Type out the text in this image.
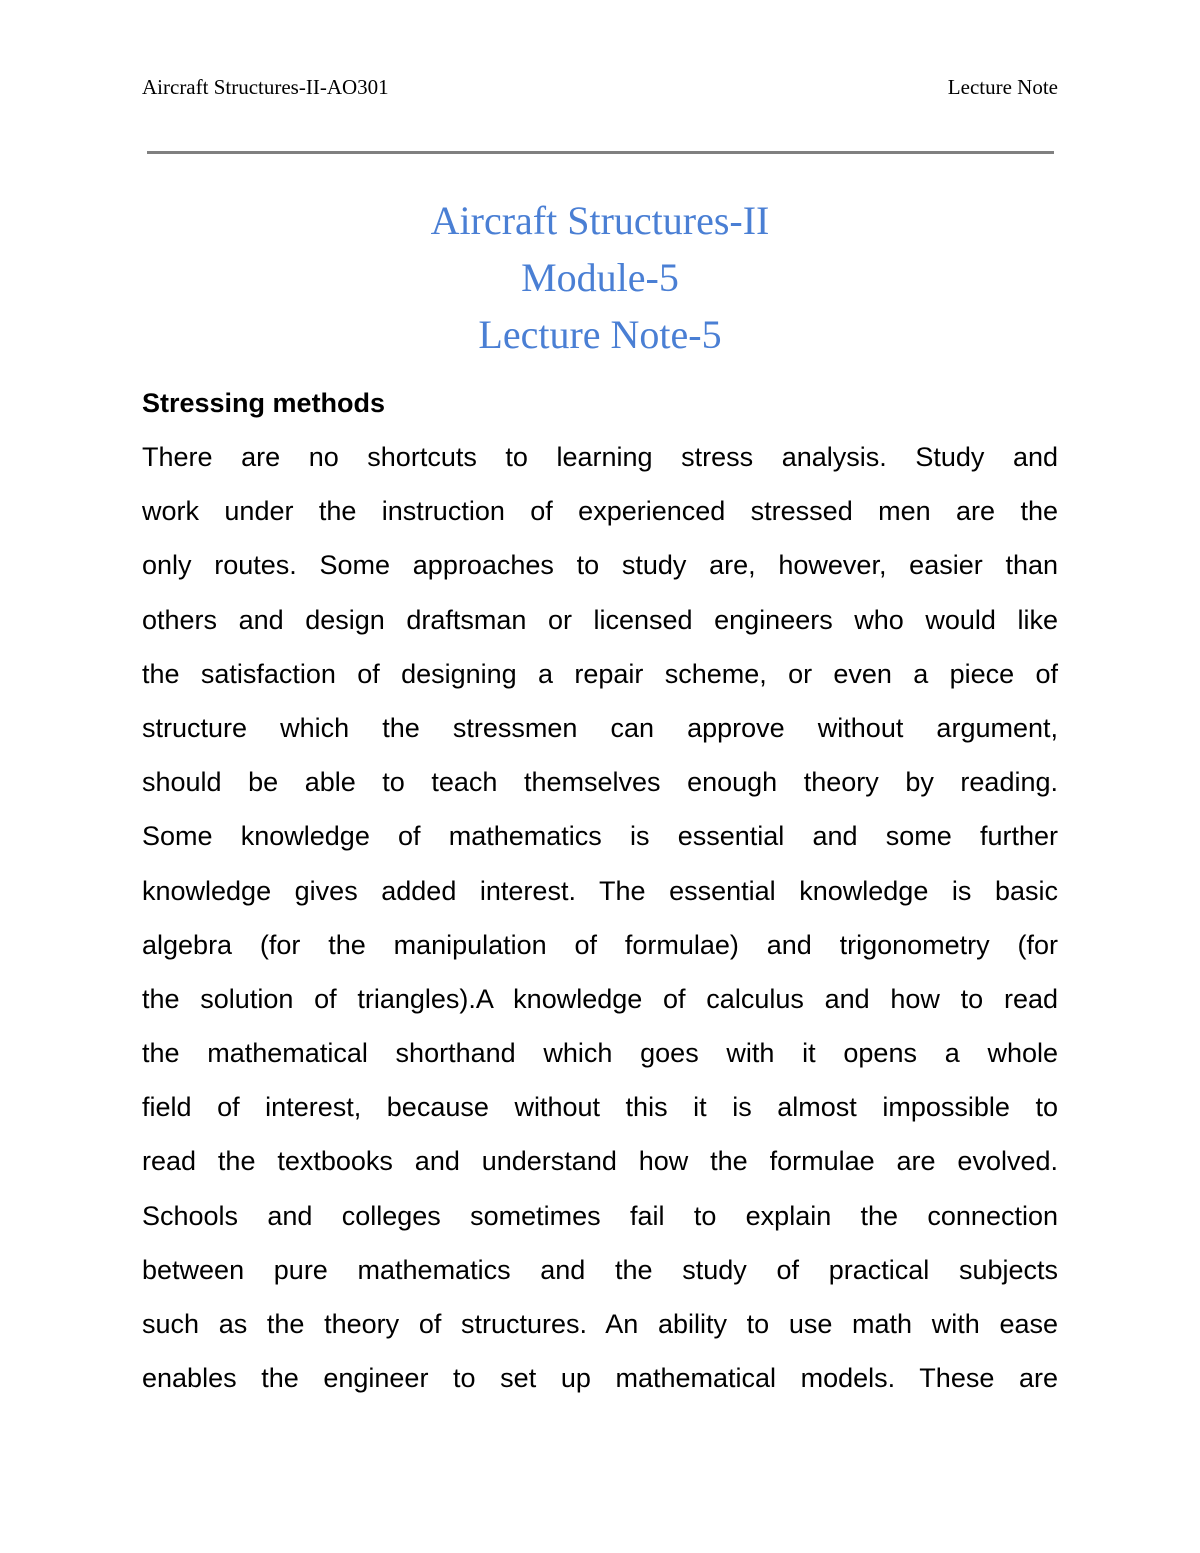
Aircraft Structures-II-AO301	Lecture Note
Aircraft Structures-II
Module-5
Lecture Note-5
Stressing methods
There are no shortcuts to learning stress analysis. Study and
work under the instruction of experienced stressed men are the
only routes. Some approaches to study are, however, easier than
others and design draftsman or licensed engineers who would like
the satisfaction of designing a repair scheme, or even a piece of
structure which the stressmen can approve without argument,
should be able to teach themselves enough theory by reading.
Some knowledge of mathematics is essential and some further
knowledge gives added interest. The essential knowledge is basic
algebra (for the manipulation of formulae) and trigonometry (for
the solution of triangles).A knowledge of calculus and how to read
the mathematical shorthand which goes with it opens a whole
field of interest, because without this it is almost impossible to
read the textbooks and understand how the formulae are evolved.
Schools and colleges sometimes fail to explain the connection
between pure mathematics and the study of practical subjects
such as the theory of structures. An ability to use math with ease
enables the engineer to set up mathematical models. These are
